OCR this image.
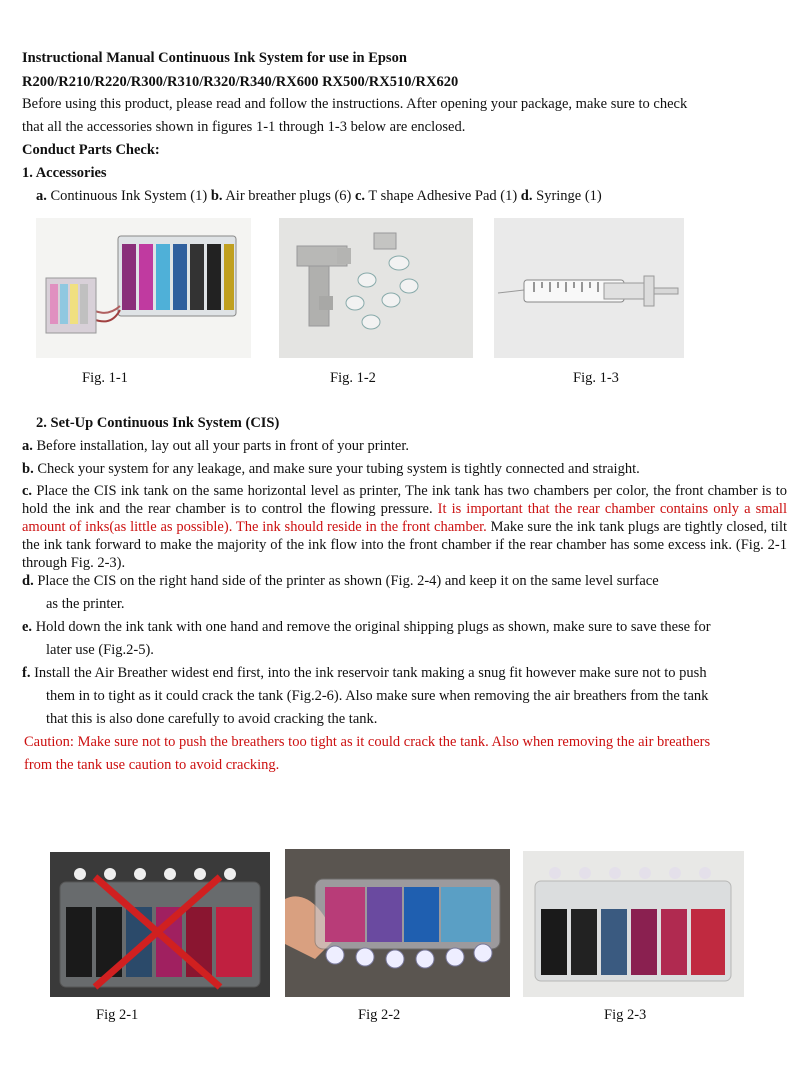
Instructional Manual Continuous Ink System for use in Epson
R200/R210/R220/R300/R310/R320/R340/RX600 RX500/RX510/RX620
Before using this product, please read and follow the instructions. After opening your package, make sure to check
that all the accessories shown in figures 1-1 through 1-3 below are enclosed.
Conduct Parts Check:
1. Accessories
a. Continuous Ink System (1) b. Air breather plugs (6) c. T shape Adhesive Pad (1) d. Syringe (1)
Fig. 1-1	Fig. 1-2	Fig. 1-3
2. Set-Up Continuous Ink System (CIS)
a. Before installation, lay out all your parts in front of your printer.
b. Check your system for any leakage, and make sure your tubing system is tightly connected and straight.
c. Place the CIS ink tank on the same horizontal level as printer, The ink tank has two chambers per color, the front chamber is to hold the ink and the rear chamber is to control the flowing pressure. It is important that the rear chamber contains only a small amount of inks(as little as possible). The ink should reside in the front chamber. Make sure the ink tank plugs are tightly closed, tilt the ink tank forward to make the majority of the ink flow into the front chamber if the rear chamber has some excess ink. (Fig. 2-1 through Fig. 2-3).
d. Place the CIS on the right hand side of the printer as shown (Fig. 2-4) and keep it on the same level surface
as the printer.
e. Hold down the ink tank with one hand and remove the original shipping plugs as shown, make sure to save these for
later use (Fig.2-5).
f. Install the Air Breather widest end first, into the ink reservoir tank making a snug fit however make sure not to push
them in to tight as it could crack the tank (Fig.2-6). Also make sure when removing the air breathers from the tank
that this is also done carefully to avoid cracking the tank.
Caution: Make sure not to push the breathers too tight as it could crack the tank. Also when removing the air breathers
from the tank use caution to avoid cracking.
Fig 2-1	Fig 2-2	Fig 2-3
